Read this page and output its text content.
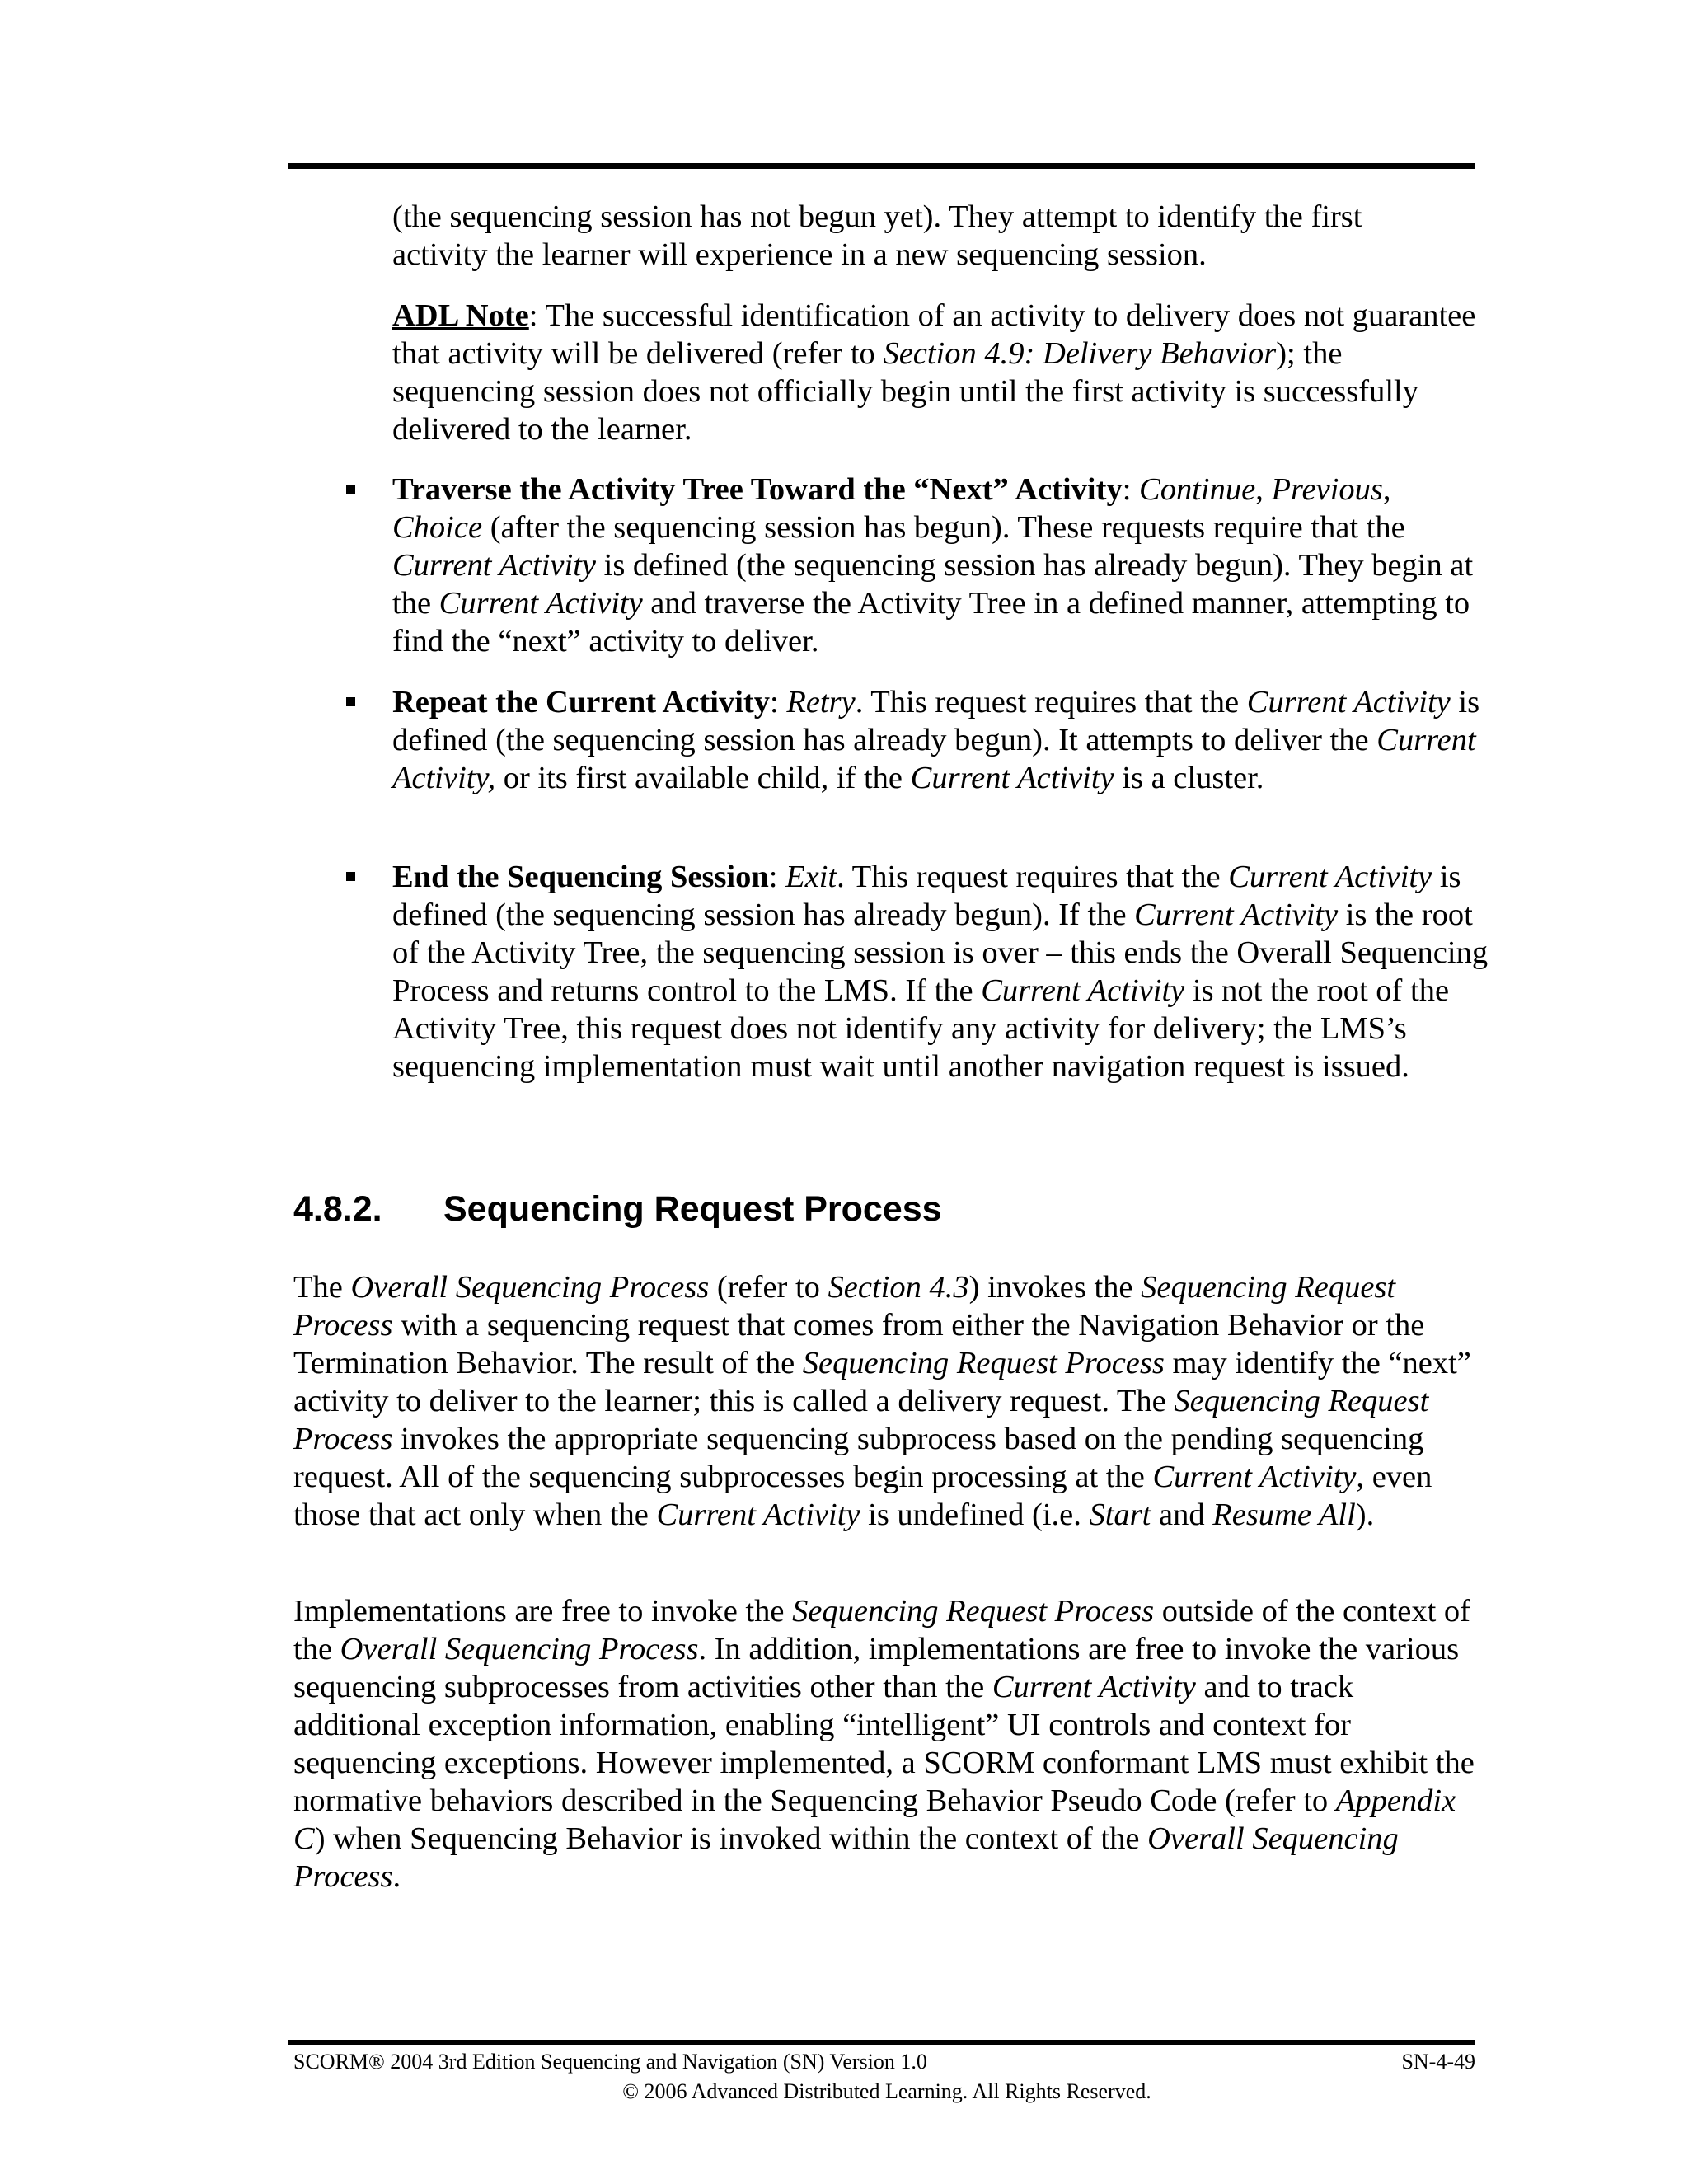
(the sequencing session has not begun yet). They attempt to identify the first

activity the learner will experience in a new sequencing session.

ADL Note: The successful identification of an activity to delivery does not guarantee that activity will be delivered (refer to Section 4.9: Delivery Behavior); the sequencing session does not officially begin until the first activity is successfully delivered to the learner.

Traverse the Activity Tree Toward the “Next” Activity: Continue, Previous, Choice (after the sequencing session has begun). These requests require that the Current Activity is defined (the sequencing session has already begun). They begin at the Current Activity and traverse the Activity Tree in a defined manner, attempting to find the “next” activity to deliver.

Repeat the Current Activity: Retry. This request requires that the Current Activity is defined (the sequencing session has already begun). It attempts to deliver the Current Activity, or its first available child, if the Current Activity is a cluster.

End the Sequencing Session: Exit. This request requires that the Current Activity is defined (the sequencing session has already begun). If the Current Activity is the root of the Activity Tree, the sequencing session is over – this ends the Overall Sequencing Process and returns control to the LMS. If the Current Activity is not the root of the Activity Tree, this request does not identify any activity for delivery; the LMS’s sequencing implementation must wait until another navigation request is issued.

4.8.2. Sequencing Request Process

The Overall Sequencing Process (refer to Section 4.3) invokes the Sequencing Request Process with a sequencing request that comes from either the Navigation Behavior or the Termination Behavior. The result of the Sequencing Request Process may identify the “next” activity to deliver to the learner; this is called a delivery request. The Sequencing Request Process invokes the appropriate sequencing subprocess based on the pending sequencing request. All of the sequencing subprocesses begin processing at the Current Activity, even those that act only when the Current Activity is undefined (i.e. Start and Resume All).

Implementations are free to invoke the Sequencing Request Process outside of the context of the Overall Sequencing Process. In addition, implementations are free to invoke the various sequencing subprocesses from activities other than the Current Activity and to track additional exception information, enabling “intelligent” UI controls and context for sequencing exceptions. However implemented, a SCORM conformant LMS must exhibit the normative behaviors described in the Sequencing Behavior Pseudo Code (refer to Appendix C) when Sequencing Behavior is invoked within the context of the Overall Sequencing Process.

SCORM® 2004 3rd Edition Sequencing and Navigation (SN) Version 1.0	SN-4-49
© 2006 Advanced Distributed Learning. All Rights Reserved.
